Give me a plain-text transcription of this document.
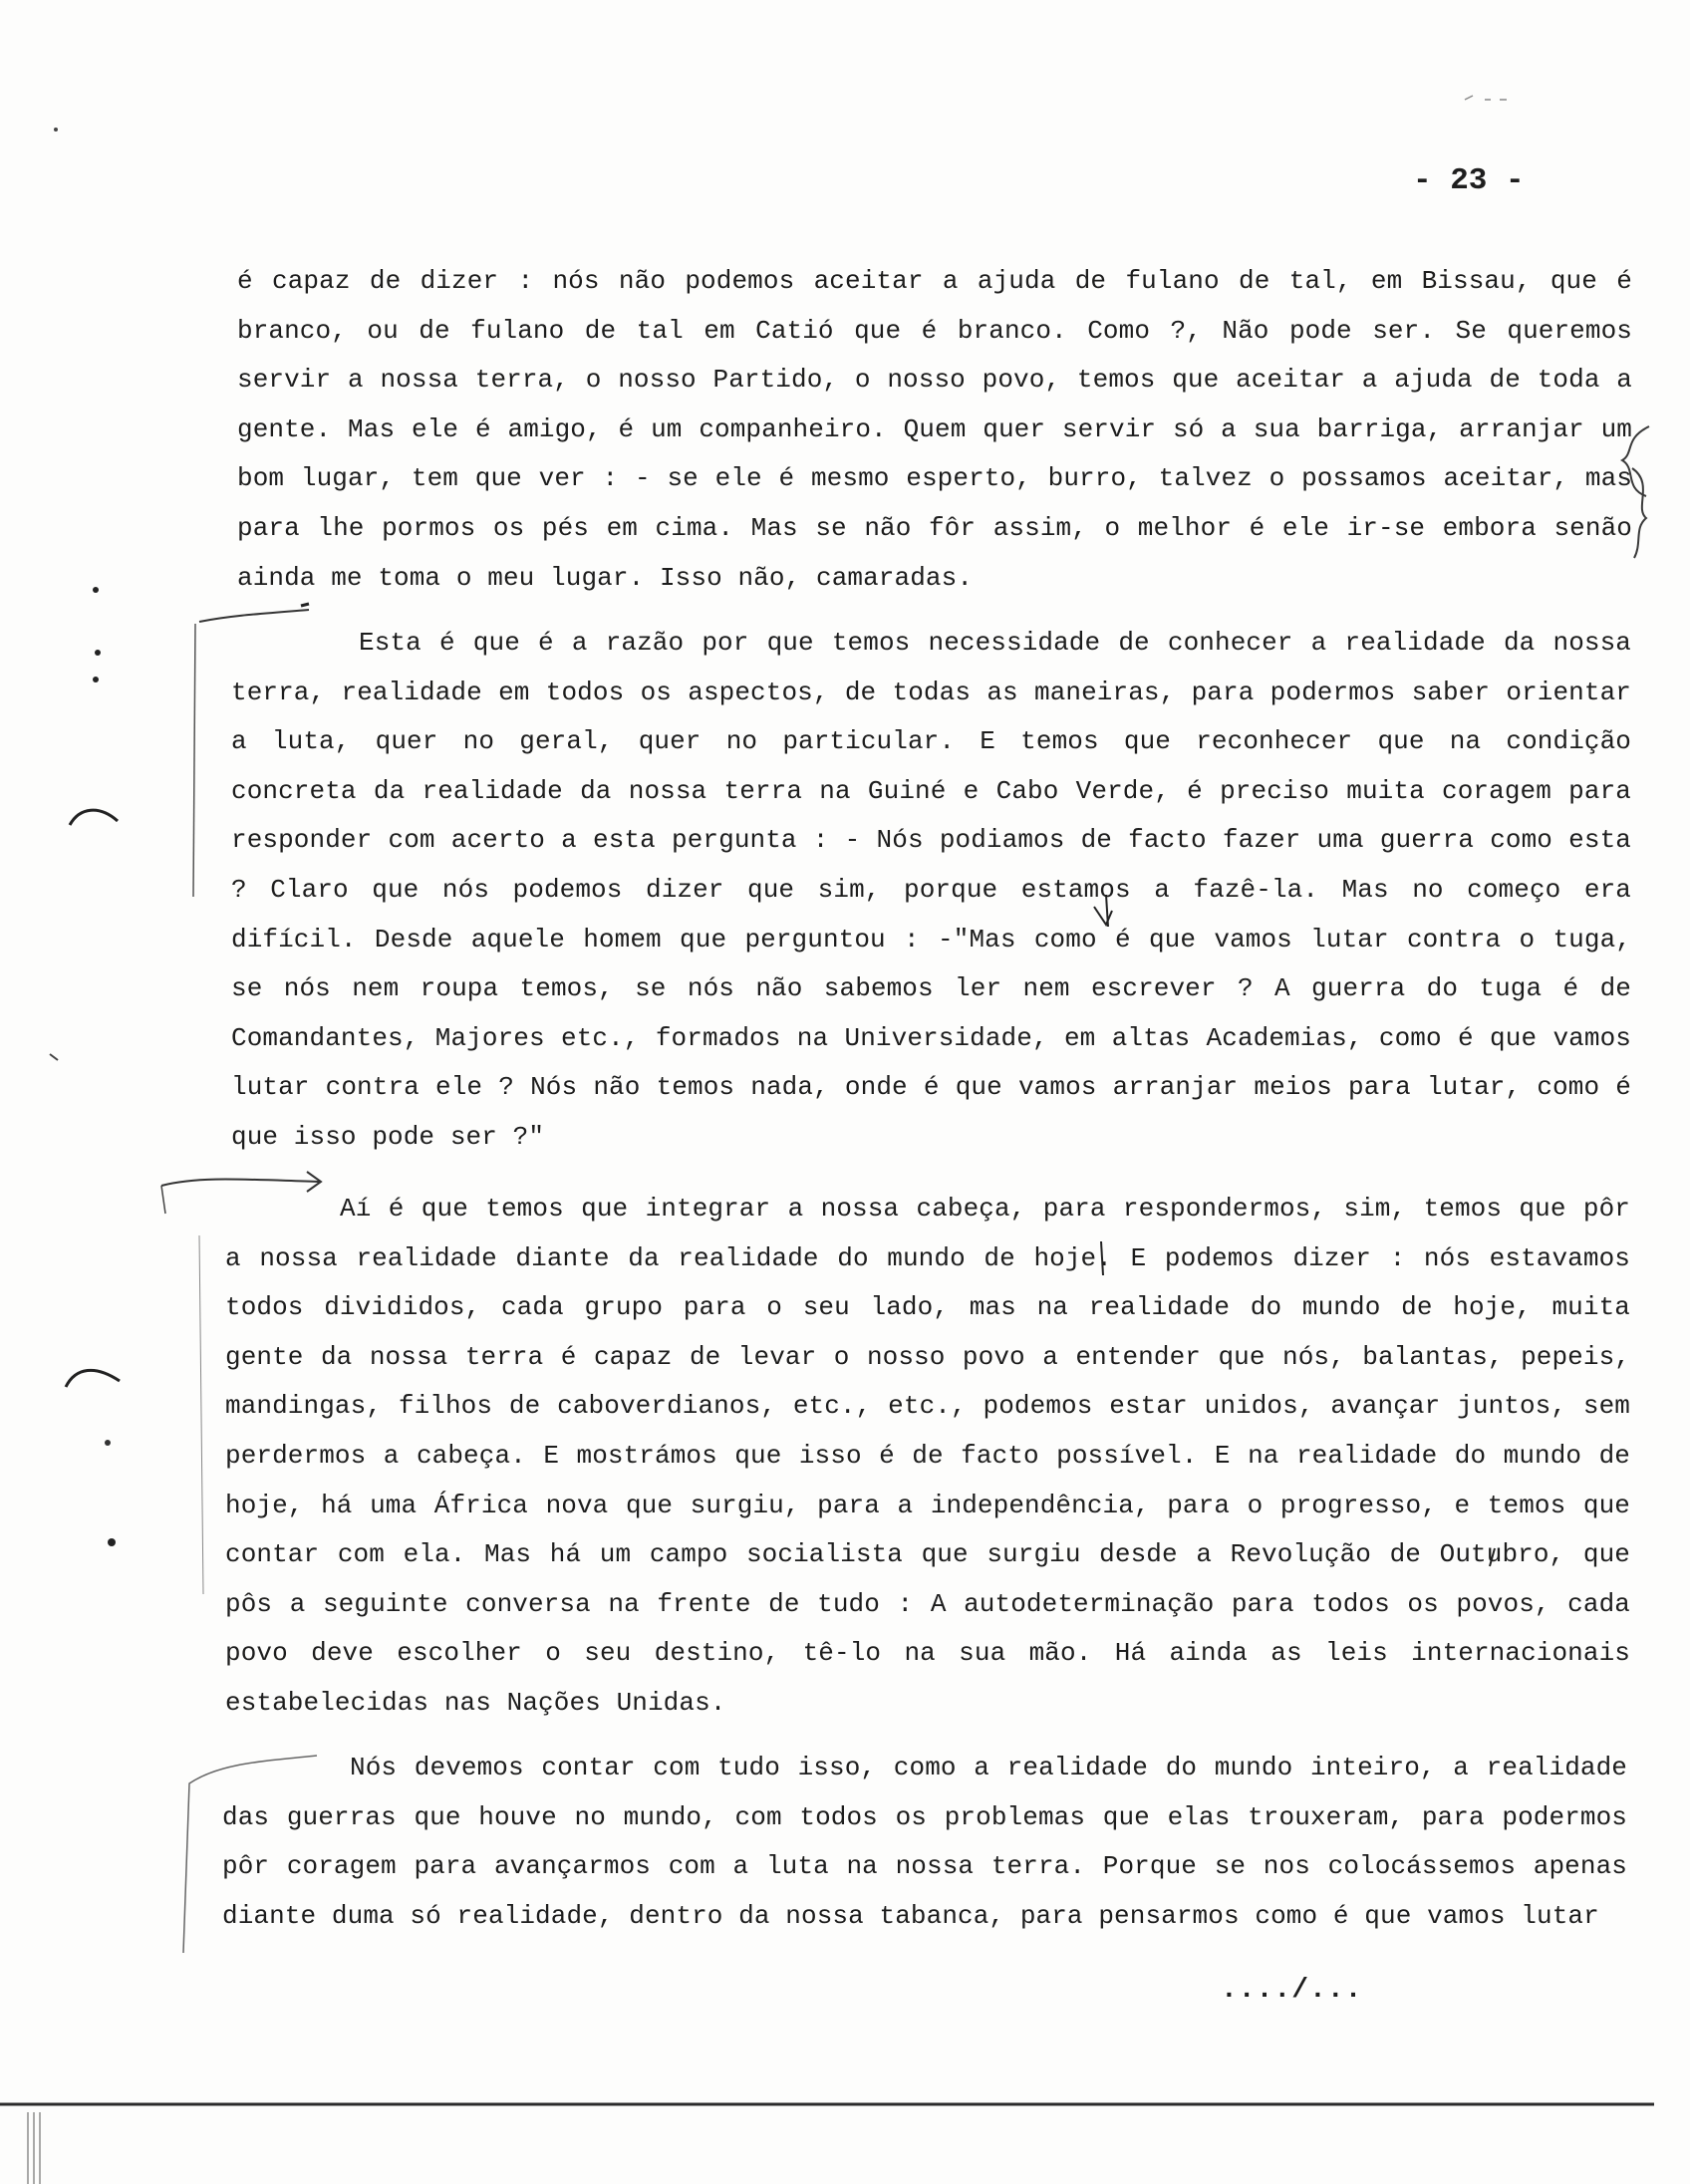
- 23 -

é capaz de dizer : nós não podemos aceitar a ajuda de fulano de tal, em Bissau, que é branco, ou de fulano de tal em Catió que é branco. Como ?, Não pode ser. Se queremos servir a nossa terra, o nosso Partido, o nosso povo, temos que aceitar a ajuda de toda a gente. Mas ele é amigo, é um companheiro. Quem quer servir só a sua barriga, arranjar um bom lugar, tem que ver : - se ele é mesmo esperto, burro, talvez o possamos aceitar, mas para lhe pormos os pés em cima. Mas se não fôr assim, o melhor é ele ir-se embora senão ainda me toma o meu lugar. Isso não, camaradas.

Esta é que é a razão por que temos necessidade de conhecer a realidade da nossa terra, realidade em todos os aspectos, de todas as maneiras, para podermos saber orientar a luta, quer no geral, quer no particular. E temos que reconhecer que na condição concreta da realidade da nossa terra na Guiné e Cabo Verde, é preciso muita coragem para responder com acerto a esta pergunta : - Nós podiamos de facto fazer uma guerra como esta ? Claro que nós podemos dizer que sim, porque estamos a fazê-la. Mas no começo era difícil. Desde aquele homem que perguntou : -"Mas como é que vamos lutar contra o tuga, se nós nem roupa temos, se nós não sabemos ler nem escrever ? A guerra do tuga é de Comandantes, Majores etc., formados na Universidade, em altas Academias, como é que vamos lutar contra ele ? Nós não temos nada, onde é que vamos arranjar meios para lutar, como é que isso pode ser ?"

Aí é que temos que integrar a nossa cabeça, para respondermos, sim, temos que pôr a nossa realidade diante da realidade do mundo de hoje. E podemos dizer : nós estavamos todos divididos, cada grupo para o seu lado, mas na realidade do mundo de hoje, muita gente da nossa terra é capaz de levar o nosso povo a entender que nós, balantas, pepeis, mandingas, filhos de caboverdianos, etc., etc., podemos estar unidos, avançar juntos, sem perdermos a cabeça. E mostrámos que isso é de facto possível. E na realidade do mundo de hoje, há uma África nova que surgiu, para a independência, para o progresso, e temos que contar com ela. Mas há um campo socialista que surgiu desde a Revolução de Outubro, que pôs a seguinte conversa na frente de tudo : A autodeterminação para todos os povos, cada povo deve escolher o seu destino, tê-lo na sua mão. Há ainda as leis internacionais estabelecidas nas Nações Unidas.

Nós devemos contar com tudo isso, como a realidade do mundo inteiro, a realidade das guerras que houve no mundo, com todos os problemas que elas trouxeram, para podermos pôr coragem para avançarmos com a luta na nossa terra. Porque se nos colocássemos apenas diante duma só realidade, dentro da nossa tabanca, para pensarmos como é que vamos lutar

..../...
